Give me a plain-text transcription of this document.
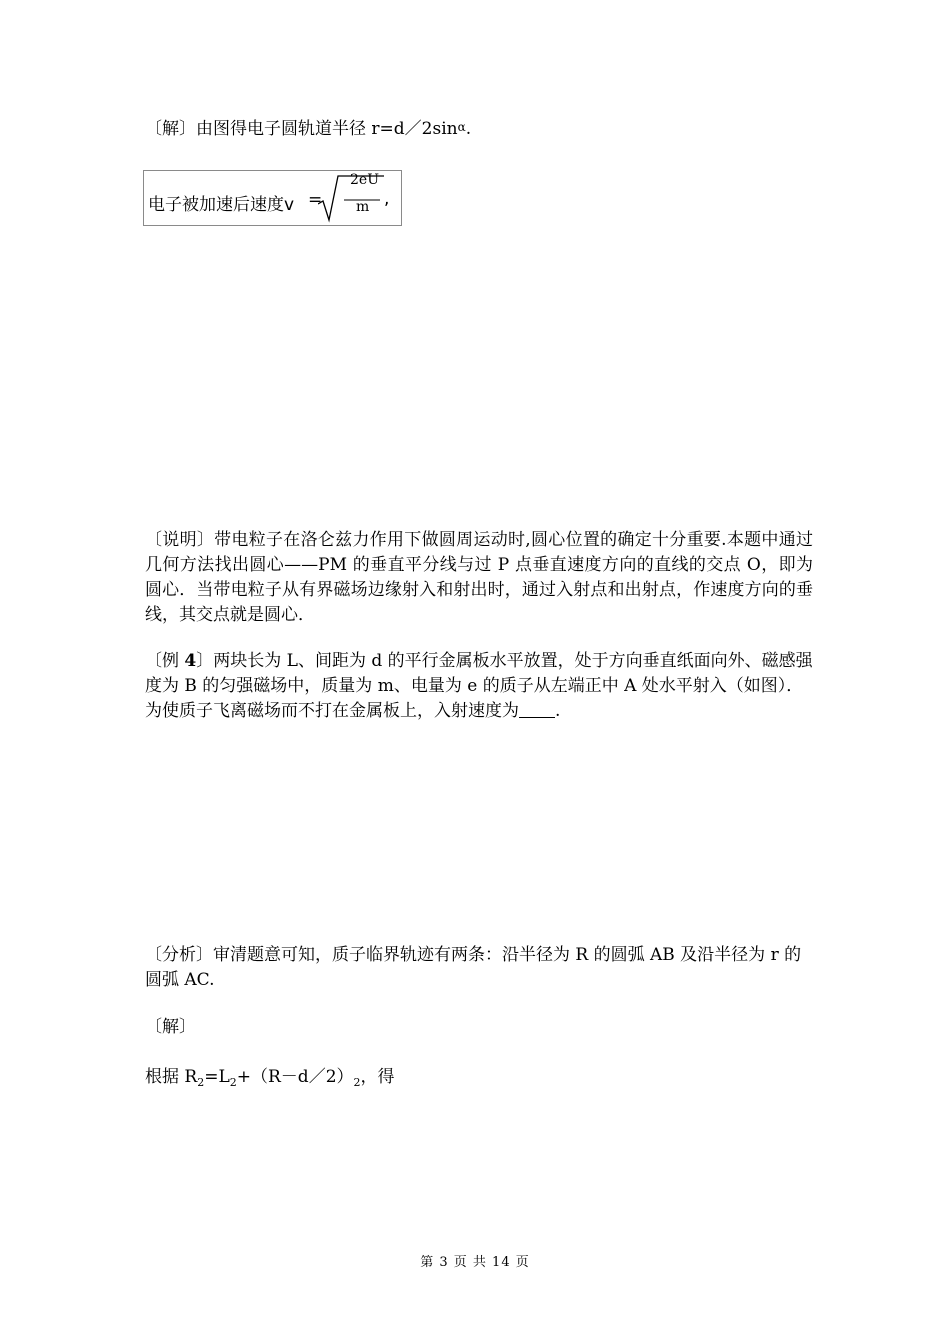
〔解〕由图得电子圆轨道半径 r=d／2sinα.
电子被加速后速度v =
2eU
m ,
〔说明〕带电粒子在洛仑兹力作用下做圆周运动时,圆心位置的确定十分重要.本题中通过几何方法找出圆心——PM 的垂直平分线与过 P 点垂直速度方向的直线的交点 O，即为圆心．当带电粒子从有界磁场边缘射入和射出时，通过入射点和出射点，作速度方向的垂线，其交点就是圆心．
〔例 4〕两块长为 L、间距为 d 的平行金属板水平放置，处于方向垂直纸面向外、磁感强度为 B 的匀强磁场中，质量为 m、电量为 e 的质子从左端正中 A 处水平射入（如图）．为使质子飞离磁场而不打在金属板上，入射速度为 .
〔分析〕审清题意可知，质子临界轨迹有两条：沿半径为 R 的圆弧 AB 及沿半径为 r 的圆弧 AC.
〔解〕
根据 $R_2=L_2+(R-d/2)_2$，得
第 3 页 共 14 页
